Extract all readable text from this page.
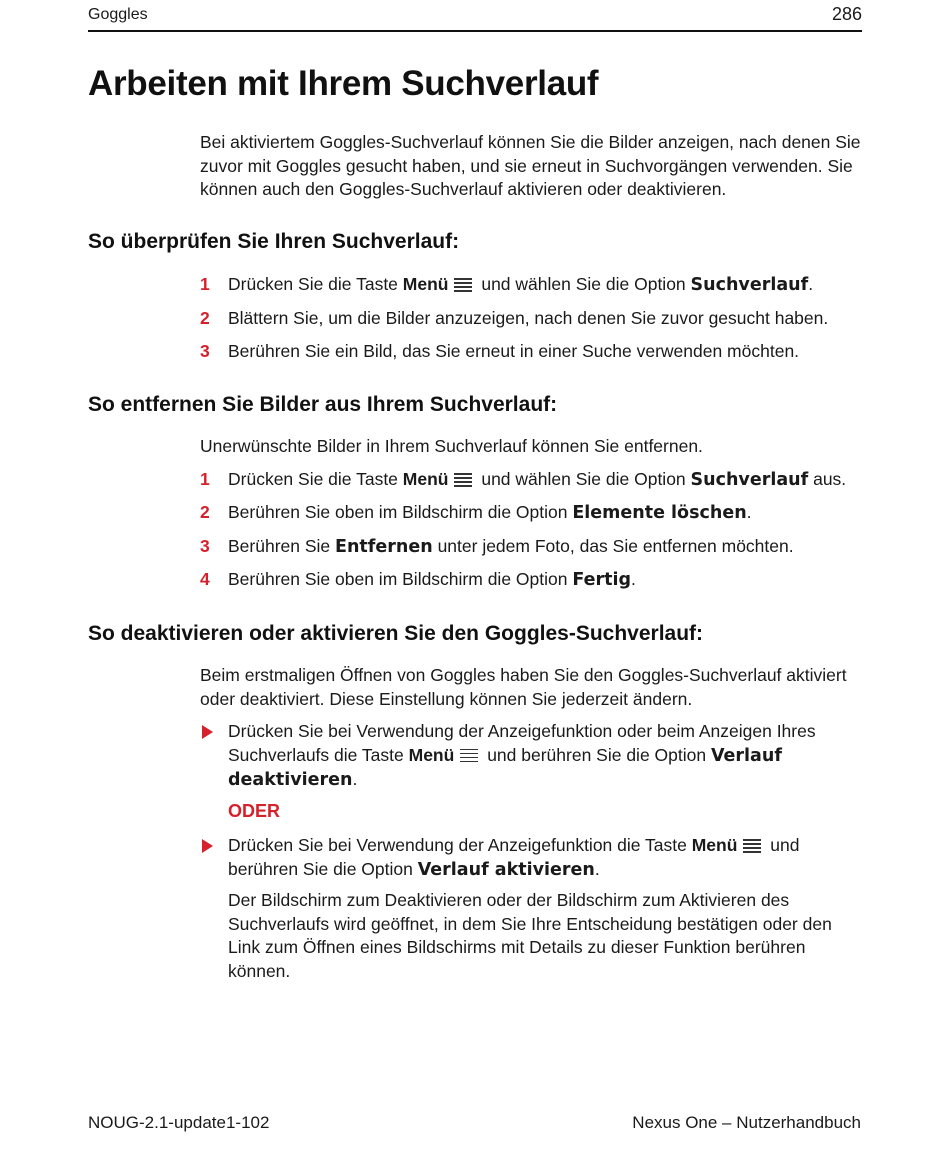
Goggles	286
Arbeiten mit Ihrem Suchverlauf

Bei aktiviertem Goggles-Suchverlauf können Sie die Bilder anzeigen, nach denen Sie zuvor mit Goggles gesucht haben, und sie erneut in Suchvorgängen verwenden. Sie können auch den Goggles-Suchverlauf aktivieren oder deaktivieren.

So überprüfen Sie Ihren Suchverlauf:
1 Drücken Sie die Taste Menü
und wählen Sie die Option Suchverlauf.
2 Blättern Sie, um die Bilder anzuzeigen, nach denen Sie zuvor gesucht haben.
3 Berühren Sie ein Bild, das Sie erneut in einer Suche verwenden möchten.
So entfernen Sie Bilder aus Ihrem Suchverlauf:

Unerwünschte Bilder in Ihrem Suchverlauf können Sie entfernen.

1 Drücken Sie die Taste Menü
und wählen Sie die Option Suchverlauf aus.
2 Berühren Sie oben im Bildschirm die Option Elemente löschen.
3 Berühren Sie Entfernen unter jedem Foto, das Sie entfernen möchten.
4 Berühren Sie oben im Bildschirm die Option Fertig.
So deaktivieren oder aktivieren Sie den Goggles-Suchverlauf:

Beim erstmaligen Öffnen von Goggles haben Sie den Goggles-Suchverlauf aktiviert oder deaktiviert. Diese Einstellung können Sie jederzeit ändern.

Drücken Sie bei Verwendung der Anzeigefunktion oder beim Anzeigen Ihres Suchverlaufs die Taste Menü
und berühren Sie die Option Verlauf deaktivieren.
ODER
Drücken Sie bei Verwendung der Anzeigefunktion die Taste Menü
und berühren Sie die Option Verlauf aktivieren.

Der Bildschirm zum Deaktivieren oder der Bildschirm zum Aktivieren des Suchverlaufs wird geöffnet, in dem Sie Ihre Entscheidung bestätigen oder den Link zum Öffnen eines Bildschirms mit Details zu dieser Funktion berühren können.

NOUG-2.1-update1-102	Nexus One – Nutzerhandbuch
